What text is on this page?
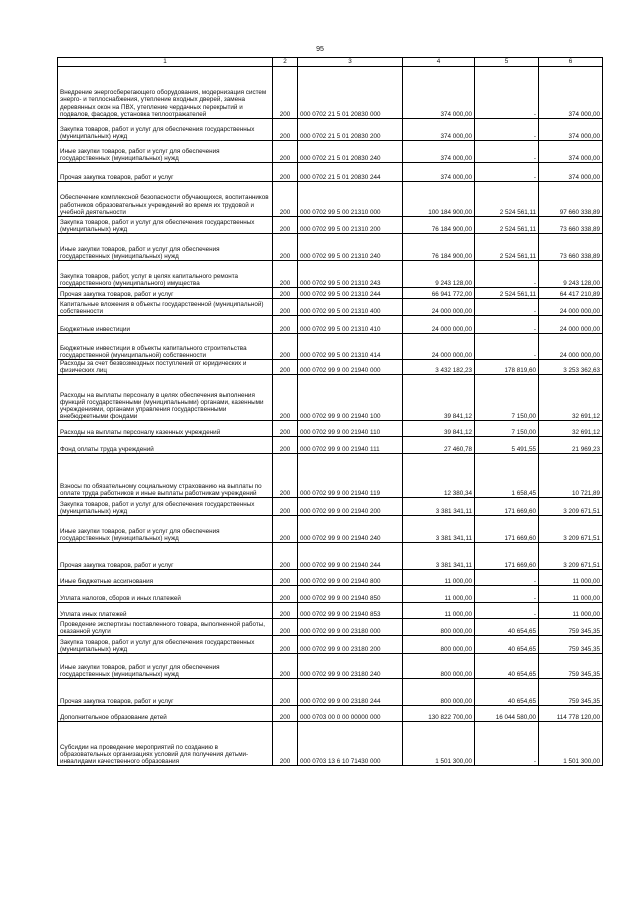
95
1	2	3	4	5	6
Внедрение энергосберегающего оборудования, модернизация систем энерго- и теплоснабжения, утепление входных дверей, замена деревянных окон на ПВХ, утепление чердачных перекрытий и подвалов, фасадов, установка теплоотражателей	200	000 0702 21 5 01 20830 000	374 000,00	-	374 000,00
Закупка товаров, работ и услуг для обеспечения государственных (муниципальных) нужд	200	000 0702 21 5 01 20830 200	374 000,00	-	374 000,00
Иные закупки товаров, работ и услуг для обеспечения государственных (муниципальных) нужд	200	000 0702 21 5 01 20830 240	374 000,00	-	374 000,00
Прочая закупка товаров, работ и услуг	200	000 0702 21 5 01 20830 244	374 000,00	-	374 000,00
Обеспечение комплексной безопасности обучающихся, воспитанников работников образовательных учреждений во время их трудовой и учебной деятельности	200	000 0702 99 5 00 21310 000	100 184 900,00	2 524 561,11	97 660 338,89
Закупка товаров, работ и услуг для обеспечения государственных (муниципальных) нужд	200	000 0702 99 5 00 21310 200	76 184 900,00	2 524 561,11	73 660 338,89
Иные закупки товаров, работ и услуг для обеспечения государственных (муниципальных) нужд	200	000 0702 99 5 00 21310 240	76 184 900,00	2 524 561,11	73 660 338,89
Закупка товаров, работ, услуг в целях капитального ремонта государственного (муниципального) имущества	200	000 0702 99 5 00 21310 243	9 243 128,00	-	9 243 128,00
Прочая закупка товаров, работ и услуг	200	000 0702 99 5 00 21310 244	66 941 772,00	2 524 561,11	64 417 210,89
Капитальные вложения в объекты государственной (муниципальной) собственности	200	000 0702 99 5 00 21310 400	24 000 000,00	-	24 000 000,00
Бюджетные инвестиции	200	000 0702 99 5 00 21310 410	24 000 000,00	-	24 000 000,00
Бюджетные инвестиции в объекты капитального строительства государственной (муниципальной) собственности	200	000 0702 99 5 00 21310 414	24 000 000,00	-	24 000 000,00
Расходы за счет безвозмездных поступлений от юридических и физических лиц	200	000 0702 99 9 00 21940 000	3 432 182,23	178 819,60	3 253 362,63
Расходы на выплаты персоналу в целях обеспечения выполнения функций государственными (муниципальными) органами, казенными учреждениями, органами управления государственными внебюджетными фондами	200	000 0702 99 9 00 21940 100	39 841,12	7 150,00	32 691,12
Расходы на выплаты персоналу казенных учреждений	200	000 0702 99 9 00 21940 110	39 841,12	7 150,00	32 691,12
Фонд оплаты труда учреждений	200	000 0702 99 9 00 21940 111	27 460,78	5 491,55	21 969,23
Взносы по обязательному социальному страхованию на выплаты по оплате труда работников и иные выплаты работникам учреждений	200	000 0702 99 9 00 21940 119	12 380,34	1 658,45	10 721,89
Закупка товаров, работ и услуг для обеспечения государственных (муниципальных) нужд	200	000 0702 99 9 00 21940 200	3 381 341,11	171 669,60	3 209 671,51
Иные закупки товаров, работ и услуг для обеспечения государственных (муниципальных) нужд	200	000 0702 99 9 00 21940 240	3 381 341,11	171 669,60	3 209 671,51
Прочая закупка товаров, работ и услуг	200	000 0702 99 9 00 21940 244	3 381 341,11	171 669,60	3 209 671,51
Иные бюджетные ассигнования	200	000 0702 99 9 00 21940 800	11 000,00	-	11 000,00
Уплата налогов, сборов и иных платежей	200	000 0702 99 9 00 21940 850	11 000,00	-	11 000,00
Уплата иных платежей	200	000 0702 99 9 00 21940 853	11 000,00	-	11 000,00
Проведение экспертизы поставленного товара, выполненной работы, оказанной услуги	200	000 0702 99 9 00 23180 000	800 000,00	40 654,65	759 345,35
Закупка товаров, работ и услуг для обеспечения государственных (муниципальных) нужд	200	000 0702 99 9 00 23180 200	800 000,00	40 654,65	759 345,35
Иные закупки товаров, работ и услуг для обеспечения государственных (муниципальных) нужд	200	000 0702 99 9 00 23180 240	800 000,00	40 654,65	759 345,35
Прочая закупка товаров, работ и услуг	200	000 0702 99 9 00 23180 244	800 000,00	40 654,65	759 345,35
Дополнительное образование детей	200	000 0703 00 0 00 00000 000	130 822 700,00	16 044 580,00	114 778 120,00
Субсидии на проведение мероприятий по созданию в образовательных организациях условий для получения детьми-инвалидами качественного образования	200	000 0703 13 6 10 71430 000	1 501 300,00	-	1 501 300,00
